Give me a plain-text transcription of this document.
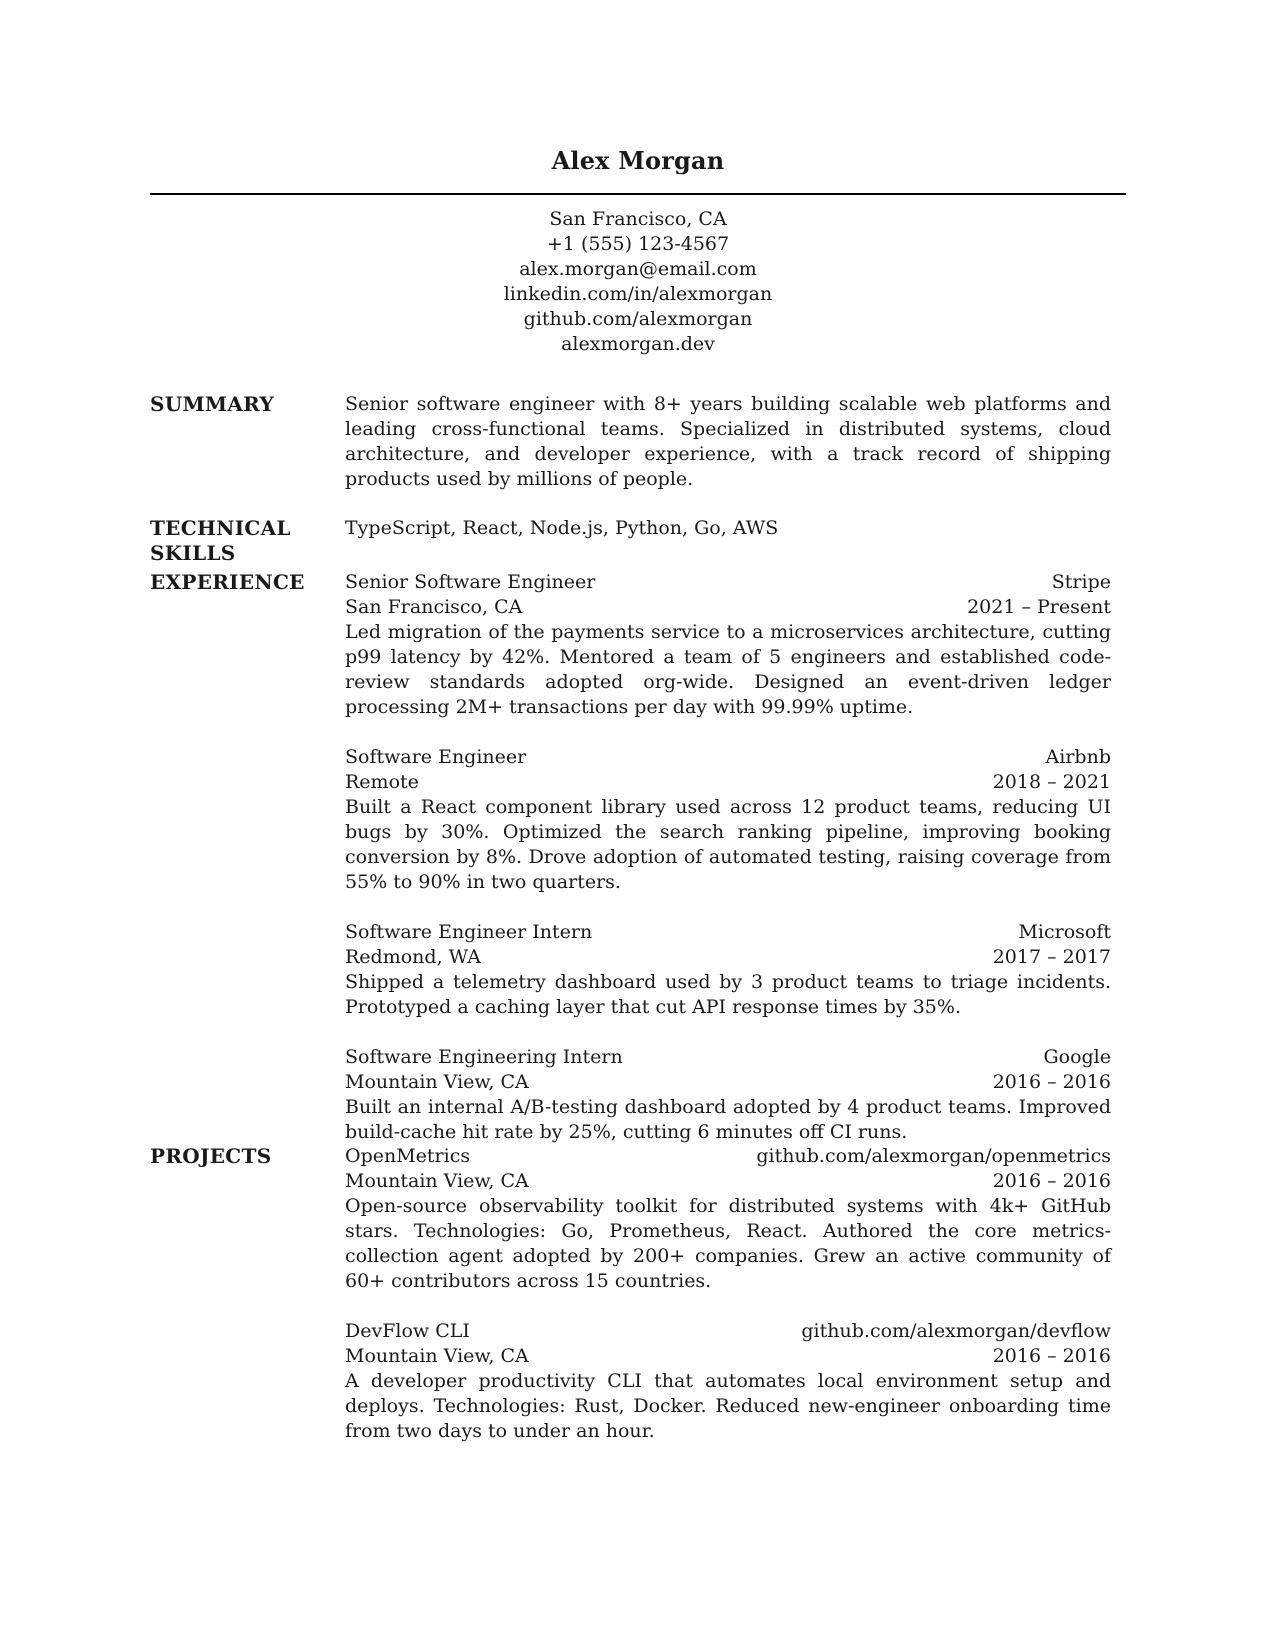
Alex Morgan
San Francisco, CA
+1 (555) 123-4567
alex.morgan@email.com
linkedin.com/in/alexmorgan
github.com/alexmorgan
alexmorgan.dev
SUMMARY	Senior software engineer with 8+ years building scalable web platforms and leading cross-functional teams. Specialized in distributed systems, cloud architecture, and developer experience, with a track record of shipping products used by millions of people.
TECHNICAL
SKILLS
TypeScript, React, Node.js, Python, Go, AWS
EXPERIENCE	Senior Software Engineer	Stripe
San Francisco, CA	2021 – Present
Led migration of the payments service to a microservices architecture, cutting p99 latency by 42%. Mentored a team of 5 engineers and established code-review standards adopted org-wide. Designed an event-driven ledger processing 2M+ transactions per day with 99.99% uptime.
Software Engineer	Airbnb
Remote	2018 – 2021
Built a React component library used across 12 product teams, reducing UI bugs by 30%. Optimized the search ranking pipeline, improving booking conversion by 8%. Drove adoption of automated testing, raising coverage from 55% to 90% in two quarters.
Software Engineer Intern	Microsoft
Redmond, WA	2017 – 2017
Shipped a telemetry dashboard used by 3 product teams to triage incidents. Prototyped a caching layer that cut API response times by 35%.
Software Engineering Intern	Google
Mountain View, CA	2016 – 2016
Built an internal A/B-testing dashboard adopted by 4 product teams. Improved build-cache hit rate by 25%, cutting 6 minutes off CI runs.
PROJECTS	OpenMetrics	github.com/alexmorgan/openmetrics
Mountain View, CA	2016 – 2016
Open-source observability toolkit for distributed systems with 4k+ GitHub stars. Technologies: Go, Prometheus, React. Authored the core metrics-collection agent adopted by 200+ companies. Grew an active community of 60+ contributors across 15 countries.
DevFlow CLI	github.com/alexmorgan/devflow
Mountain View, CA	2016 – 2016
A developer productivity CLI that automates local environment setup and deploys. Technologies: Rust, Docker. Reduced new-engineer onboarding time from two days to under an hour.
